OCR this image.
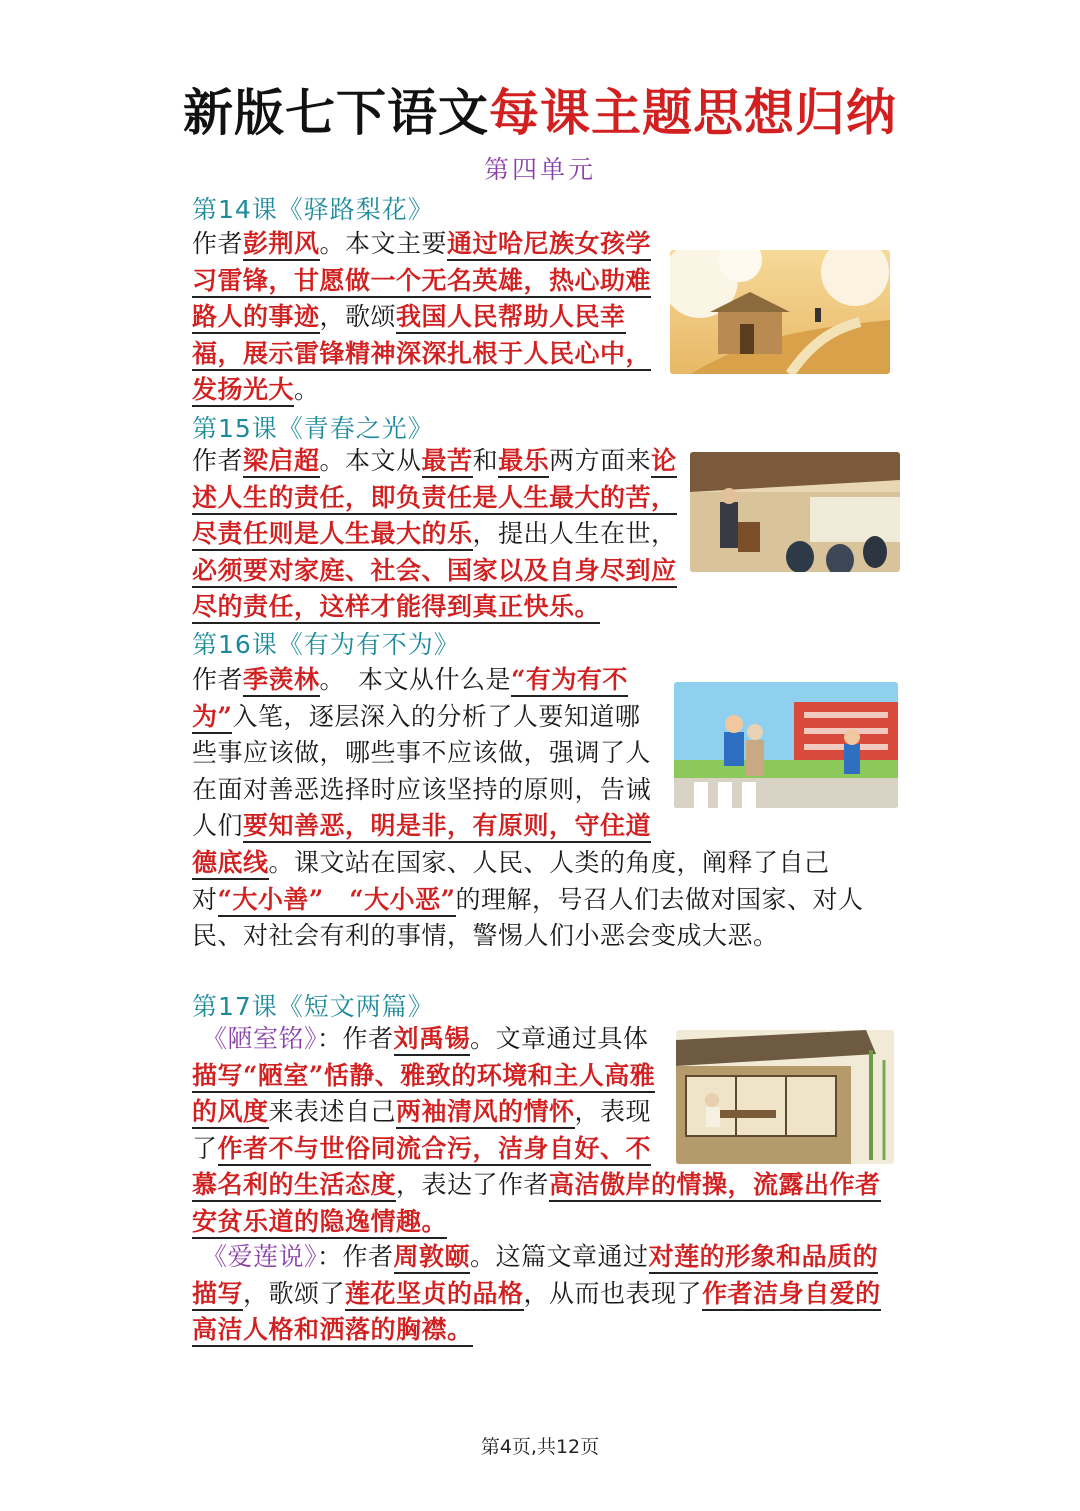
新版七下语文每课主题思想归纳
第四单元
第14课《驿路梨花》

作者彭荆风。本文主要通过哈尼族女孩学习雷锋，甘愿做一个无名英雄，热心助难路人的事迹，歌颂我国人民帮助人民幸福，展示雷锋精神深深扎根于人民心中，发扬光大。

第15课《青春之光》

作者梁启超。本文从最苦和最乐两方面来论述人生的责任，即负责任是人生最大的苦，尽责任则是人生最大的乐，提出人生在世，必须要对家庭、社会、国家以及自身尽到应尽的责任，这样才能得到真正快乐。

第16课《有为有不为》

作者季羡林。　本文从什么是“有为有不为”入笔，逐层深入的分析了人要知道哪些事应该做，哪些事不应该做，强调了人在面对善恶选择时应该坚持的原则，告诫人们要知善恶，明是非，有原则，守住道德底线。课文站在国家、人民、人类的角度，阐释了自己对“大小善”　“大小恶”的理解，号召人们去做对国家、对人民、对社会有利的事情，警惕人们小恶会变成大恶。

第17课《短文两篇》

《陋室铭》：作者刘禹锡。文章通过具体描写“陋室”恬静、雅致的环境和主人高雅的风度来表述自己两袖清风的情怀，表现了作者不与世俗同流合污，洁身自好、不慕名利的生活态度，表达了作者高洁傲岸的情操，流露出作者安贫乐道的隐逸情趣。

《爱莲说》：作者周敦颐。这篇文章通过对莲的形象和品质的描写，歌颂了莲花坚贞的品格，从而也表现了作者洁身自爱的高洁人格和洒落的胸襟。

第4页,共12页
